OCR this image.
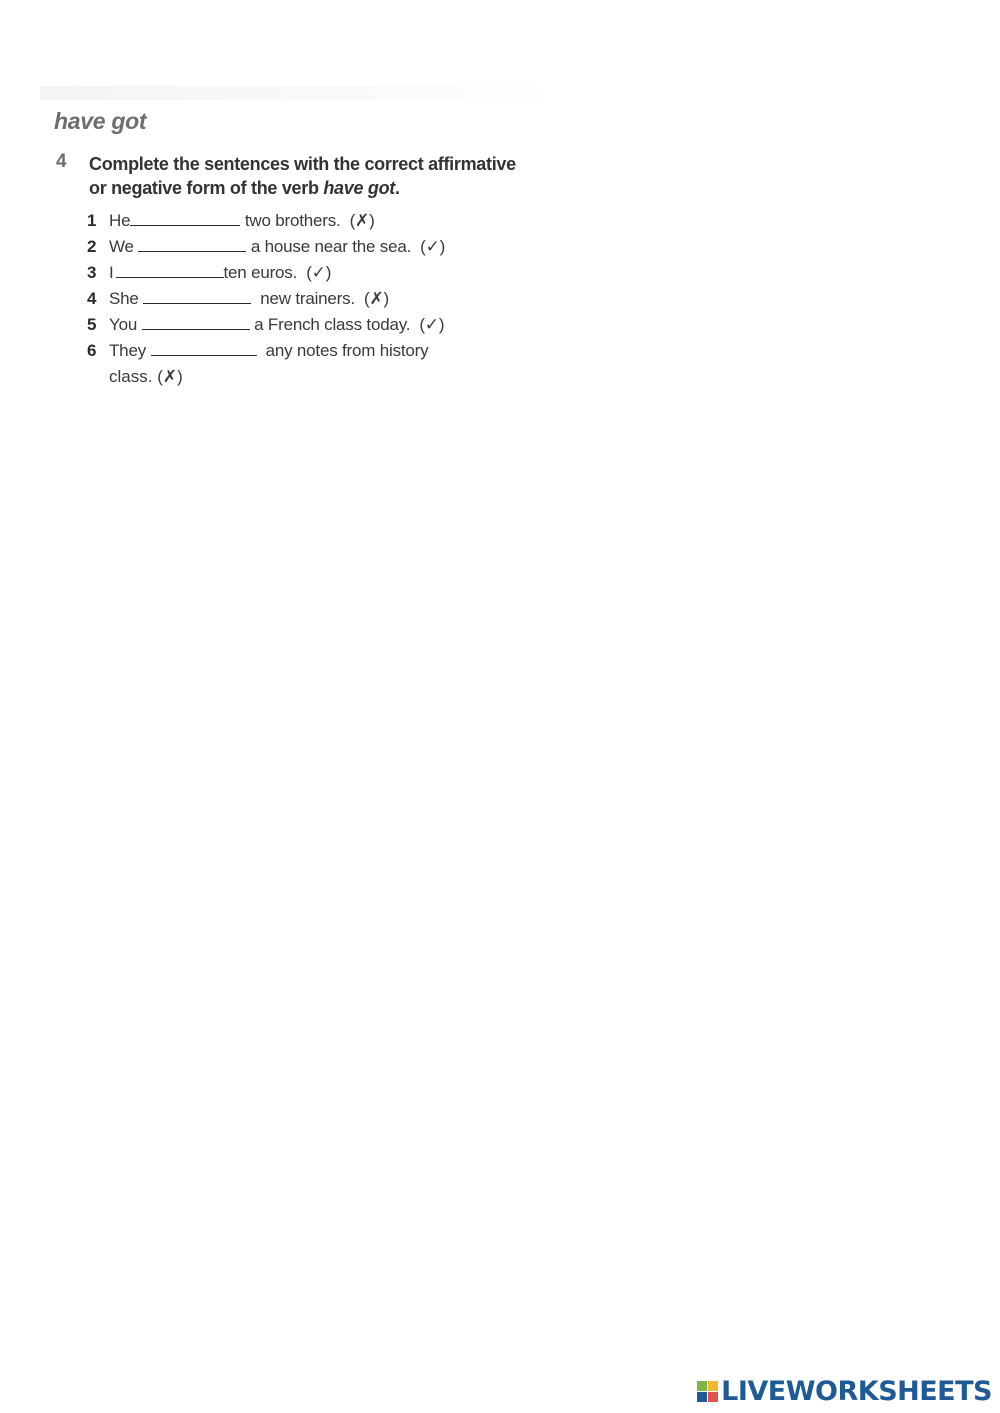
have got
4 Complete the sentences with the correct affirmative or negative form of the verb have got.
1 He	two brothers. (✗)
2 We	a house near the sea. (✓)
3 I	ten euros. (✓)
4 She	new trainers. (✗)
5 You	a French class today. (✓)
6 They	any notes from history
class. (✗)
LIVEWORKSHEETS
